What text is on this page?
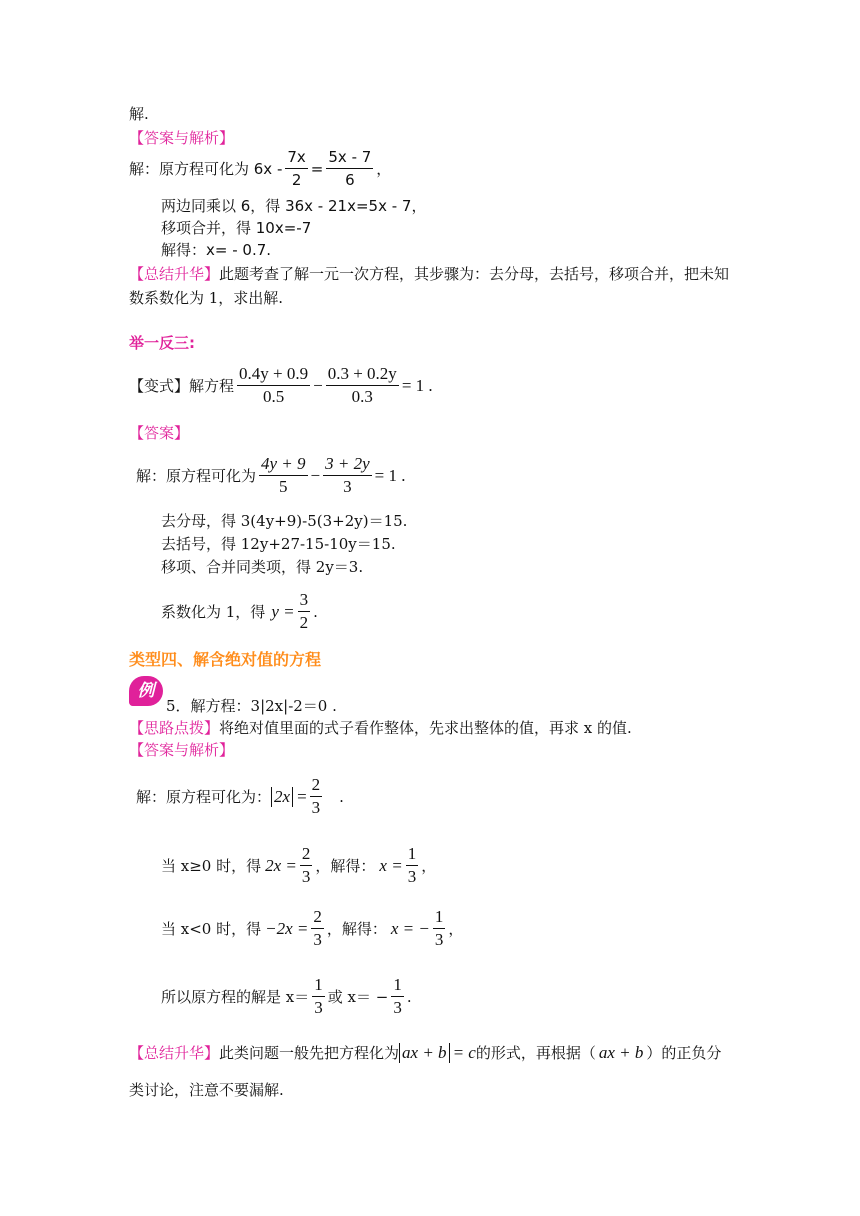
解.
【答案与解析】
解：原方程可化为 $6x - \frac{7x}{2} = \frac{5x - 7}{6}$ ，
两边同乘以 6，得 36x - 21x=5x - 7，
移项合并，得 10x=-7
解得：x= - 0.7.
【总结升华】此题考查了解一元一次方程，其步骤为：去分母，去括号，移项合并，把未知
数系数化为 1，求出解.
举一反三:
【变式】 解方程 $\frac{0.4y + 0.9}{0.5} - \frac{0.3 + 0.2y}{0.3} = 1$ .
【答案】
解：原方程可化为 $\frac{4y + 9}{5} - \frac{3 + 2y}{3} = 1$ .
去分母，得 3(4y+9)-5(3+2y)＝15.
去括号，得 12y+27-15-10y＝15.
移项、合并同类项，得 2y＝3.
系数化为 1，得 $y = \frac{3}{2}$ .
类型四、解含绝对值的方程
例
5．解方程：3|2x|-2＝0 .
【思路点拨】将绝对值里面的式子看作整体，先求出整体的值，再求 x 的值.
【答案与解析】
解：原方程可化为： $2x = \frac{2}{3}$ .
当 x≥0 时，得 $2x = \frac{2}{3}$ ，解得： $x = \frac{1}{3}$ ，
当 x<0 时，得 $-2x = \frac{2}{3}$ ，解得： x = − $\frac{1}{3}$ ，
所以原方程的解是 $x= \frac{1}{3}$ 或 $x= - \frac{1}{3}$ .
【总结升华】 此类问题一般先把方程化为 ax + b = c 的形式，再根据（ ax + b ）的正负分
类讨论，注意不要漏解.
